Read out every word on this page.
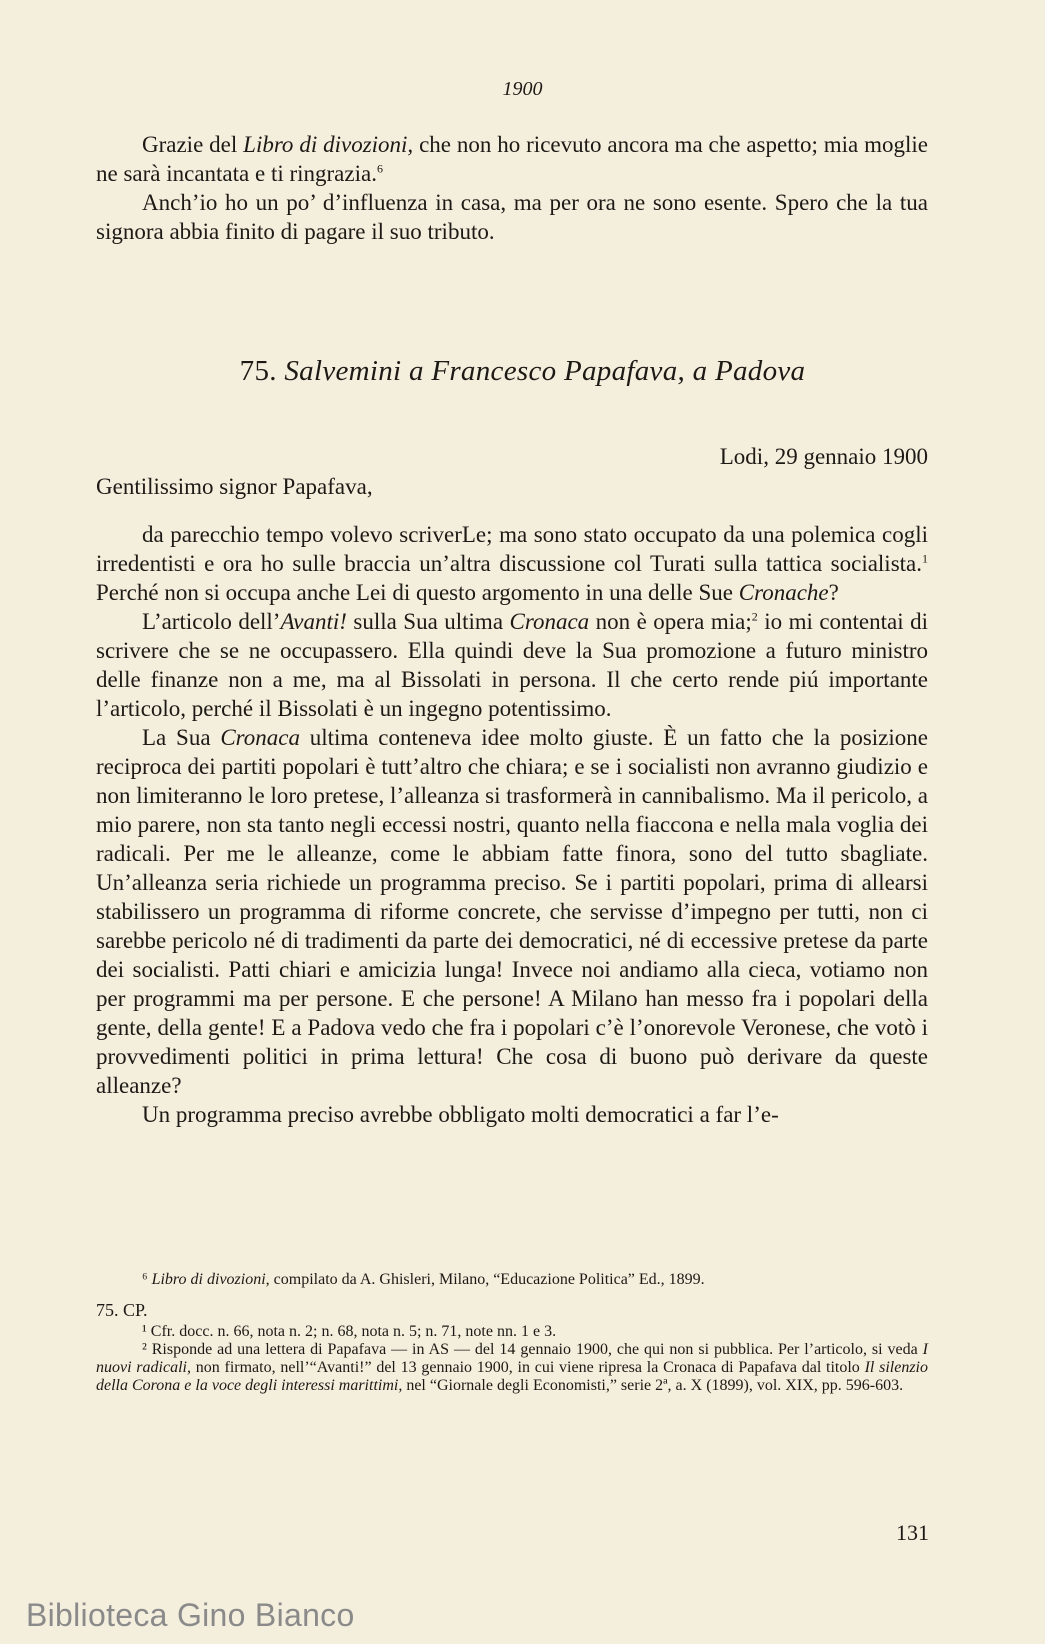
1900

Grazie del Libro di divozioni, che non ho ricevuto ancora ma che aspetto; mia moglie ne sarà incantata e ti ringrazia.$^6$

Anch’io ho un po’ d’influenza in casa, ma per ora ne sono esente. Spero che la tua signora abbia finito di pagare il suo tributo.

75. Salvemini a Francesco Papafava, a Padova
Lodi, 29 gennaio 1900
Gentilissimo signor Papafava,

da parecchio tempo volevo scriverLe; ma sono stato occupato da una polemica cogli irredentisti e ora ho sulle braccia un’altra discussione col Turati sulla tattica socialista.$^1$ Perché non si occupa anche Lei di questo argomento in una delle Sue Cronache?

L’articolo dell’Avanti! sulla Sua ultima Cronaca non è opera mia;$^2$ io mi contentai di scrivere che se ne occupassero. Ella quindi deve la Sua promozione a futuro ministro delle finanze non a me, ma al Bissolati in persona. Il che certo rende piú importante l’articolo, perché il Bissolati è un ingegno potentissimo.

La Sua Cronaca ultima conteneva idee molto giuste. È un fatto che la posizione reciproca dei partiti popolari è tutt’altro che chiara; e se i socialisti non avranno giudizio e non limiteranno le loro pretese, l’alleanza si trasformerà in cannibalismo. Ma il pericolo, a mio parere, non sta tanto negli eccessi nostri, quanto nella fiaccona e nella mala voglia dei radicali. Per me le alleanze, come le abbiam fatte finora, sono del tutto sbagliate. Un’alleanza seria richiede un programma preciso. Se i partiti popolari, prima di allearsi stabilissero un programma di riforme concrete, che servisse d’impegno per tutti, non ci sarebbe pericolo né di tradimenti da parte dei democratici, né di eccessive pretese da parte dei socialisti. Patti chiari e amicizia lunga! Invece noi andiamo alla cieca, votiamo non per programmi ma per persone. E che persone! A Milano han messo fra i popolari della gente, della gente! E a Padova vedo che fra i popolari c’è l’onorevole Veronese, che votò i provvedimenti politici in prima lettura! Che cosa di buono può derivare da queste alleanze?

Un programma preciso avrebbe obbligato molti democratici a far l’e-

⁶ Libro di divozioni, compilato da A. Ghisleri, Milano, “Educazione Politica” Ed., 1899.

75. CP.

¹ Cfr. docc. n. 66, nota n. 2; n. 68, nota n. 5; n. 71, note nn. 1 e 3.

² Risponde ad una lettera di Papafava — in AS — del 14 gennaio 1900, che qui non si pubblica. Per l’articolo, si veda I nuovi radicali, non firmato, nell’“Avanti!” del 13 gennaio 1900, in cui viene ripresa la Cronaca di Papafava dal titolo Il silenzio della Corona e la voce degli interessi marittimi, nel “Giornale degli Economisti,” serie 2ª, a. X (1899), vol. XIX, pp. 596-603.

131
Biblioteca Gino Bianco
